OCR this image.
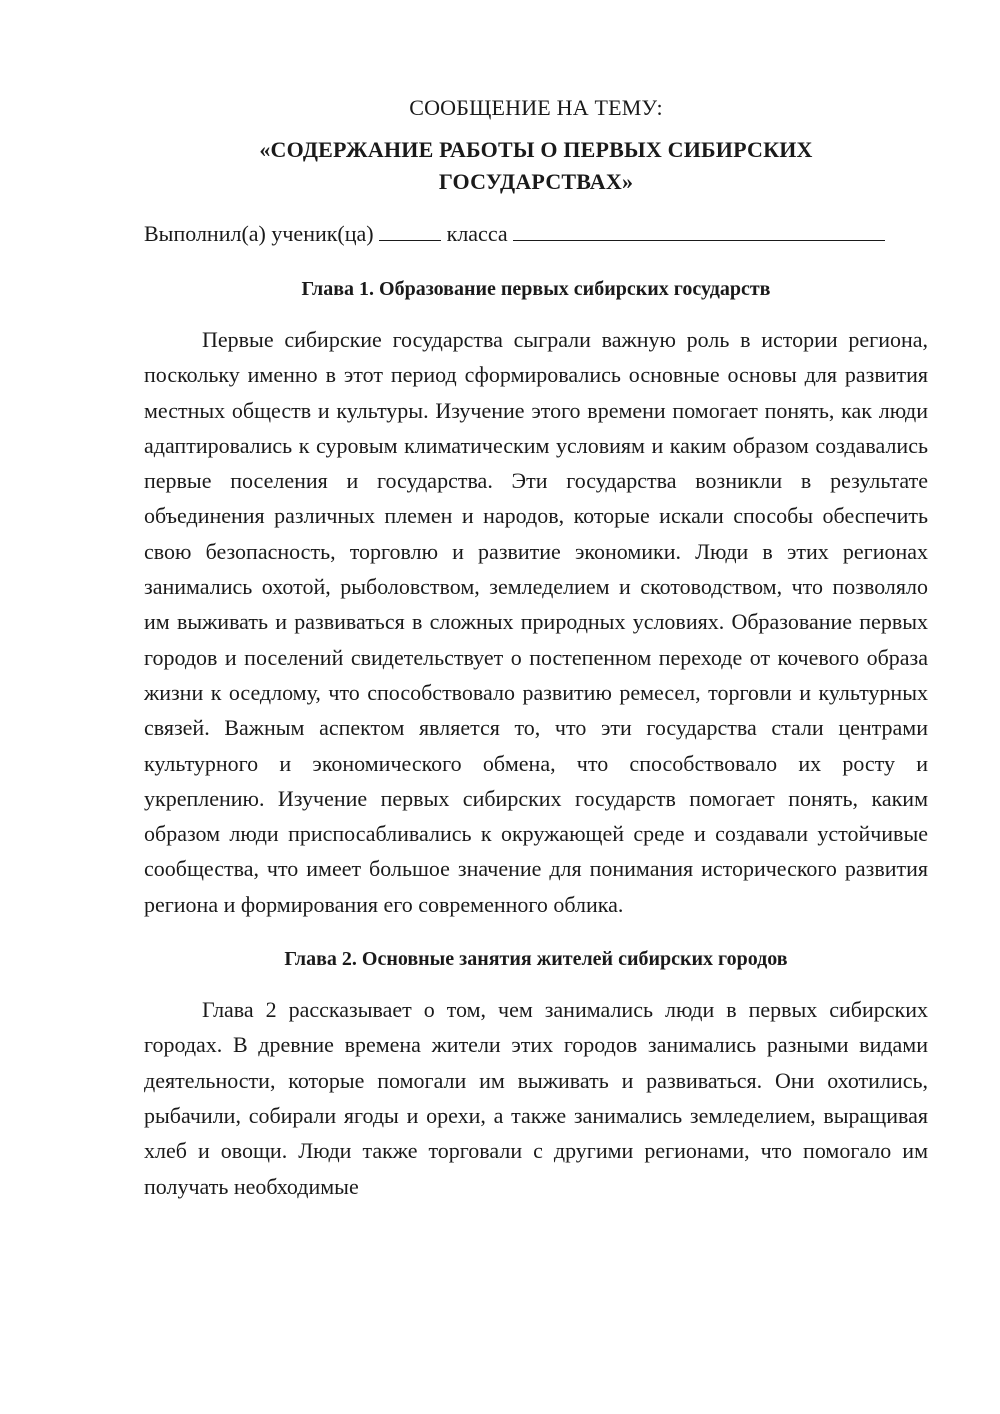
СООБЩЕНИЕ НА ТЕМУ:

«СОДЕРЖАНИЕ РАБОТЫ О ПЕРВЫХ СИБИРСКИХ

ГОСУДАРСТВАХ»

Выполнил(а) ученик(ца)	класса
Глава 1. Образование первых сибирских государств

Первые сибирские государства сыграли важную роль в истории региона, поскольку именно в этот период сформировались основные основы для развития местных обществ и культуры. Изучение этого времени помогает понять, как люди адаптировались к суровым климатическим условиям и каким образом создавались первые поселения и государства. Эти государства возникли в результате объединения различных племен и народов, которые искали способы обеспечить свою безопасность, торговлю и развитие экономики. Люди в этих регионах занимались охотой, рыболовством, земледелием и скотоводством, что позволяло им выживать и развиваться в сложных природных условиях. Образование первых городов и поселений свидетельствует о постепенном переходе от кочевого образа жизни к оседлому, что способствовало развитию ремесел, торговли и культурных связей. Важным аспектом является то, что эти государства стали центрами культурного и экономического обмена, что способствовало их росту и укреплению. Изучение первых сибирских государств помогает понять, каким образом люди приспосабливались к окружающей среде и создавали устойчивые сообщества, что имеет большое значение для понимания исторического развития региона и формирования его современного облика.

Глава 2. Основные занятия жителей сибирских городов

Глава 2 рассказывает о том, чем занимались люди в первых сибирских городах. В древние времена жители этих городов занимались разными видами деятельности, которые помогали им выживать и развиваться. Они охотились, рыбачили, собирали ягоды и орехи, а также занимались земледелием, выращивая хлеб и овощи. Люди также торговали с другими регионами, что помогало им получать необходимые
